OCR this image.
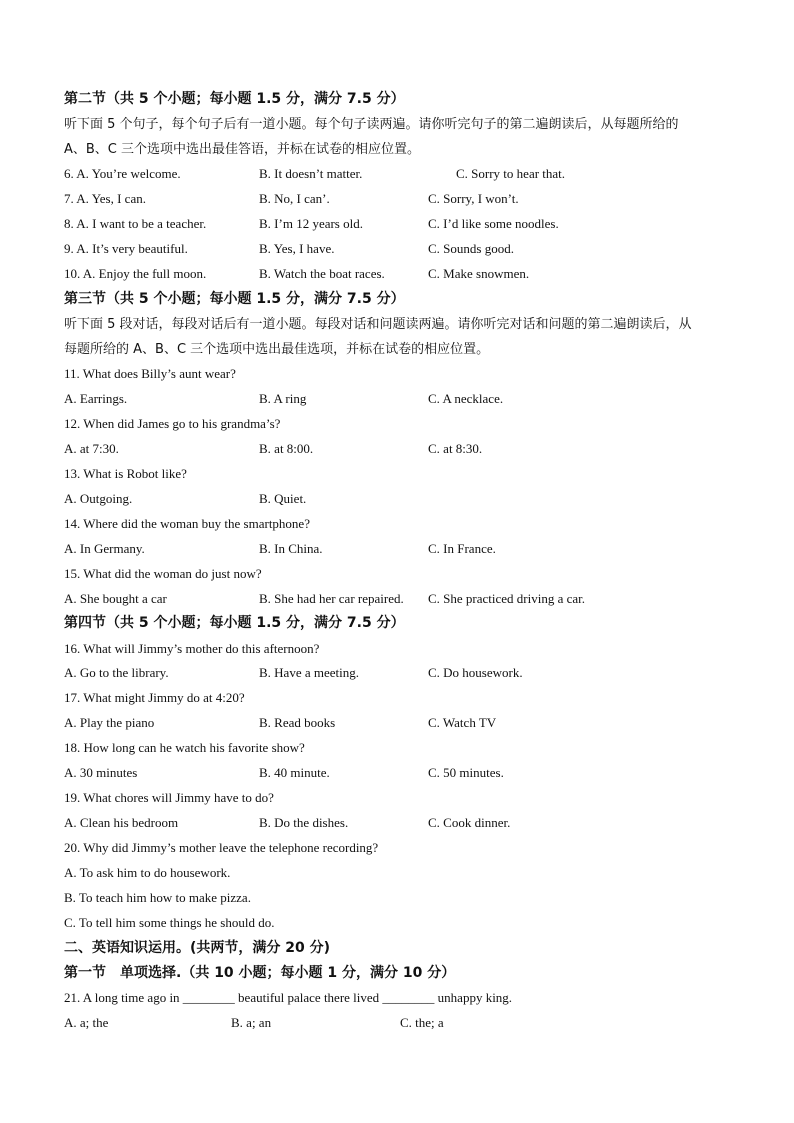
第二节（共 5 个小题；每小题 1.5 分，满分 7.5 分）
听下面 5 个句子，每个句子后有一道小题。每个句子读两遍。请你听完句子的第二遍朗读后，从每题所给的
A、B、C 三个选项中选出最佳答语，并标在试卷的相应位置。
6. A. You’re welcome.	B. It doesn’t matter.	C. Sorry to hear that.
7. A. Yes, I can.	B. No, I can’.	C. Sorry, I won’t.
8. A. I want to be a teacher.	B. I’m 12 years old.	C. I’d like some noodles.
9. A. It’s very beautiful.	B. Yes, I have.	C. Sounds good.
10. A. Enjoy the full moon.	B. Watch the boat races.	C. Make snowmen.
第三节（共 5 个小题；每小题 1.5 分，满分 7.5 分）
听下面 5 段对话，每段对话后有一道小题。每段对话和问题读两遍。请你听完对话和问题的第二遍朗读后，从
每题所给的 A、B、C 三个选项中选出最佳选项，并标在试卷的相应位置。
11. What does Billy’s aunt wear?
A. Earrings.	B. A ring	C. A necklace.
12. When did James go to his grandma’s?
A. at 7:30.	B. at 8:00.	C. at 8:30.
13. What is Robot like?
A. Outgoing.	B. Quiet.
14. Where did the woman buy the smartphone?
A. In Germany.	B. In China.	C. In France.
15. What did the woman do just now?
A. She bought a car	B. She had her car repaired. C. She practiced driving a car.
第四节（共 5 个小题；每小题 1.5 分，满分 7.5 分）
16. What will Jimmy’s mother do this afternoon?
A. Go to the library.	B. Have a meeting.	C. Do housework.
17. What might Jimmy do at 4:20?
A. Play the piano	B. Read books	C. Watch TV
18. How long can he watch his favorite show?
A. 30 minutes	B. 40 minute.	C. 50 minutes.
19. What chores will Jimmy have to do?
A. Clean his bedroom	B. Do the dishes.	C. Cook dinner.
20. Why did Jimmy’s mother leave the telephone recording?
A. To ask him to do housework.
B. To teach him how to make pizza.
C. To tell him some things he should do.
二、英语知识运用。(共两节，满分 20 分)
第一节　单项选择.（共 10 小题；每小题 1 分，满分 10 分）
21. A long time ago in ________ beautiful palace there lived ________ unhappy king.
A. a; the	B. a; an	C. the; a
